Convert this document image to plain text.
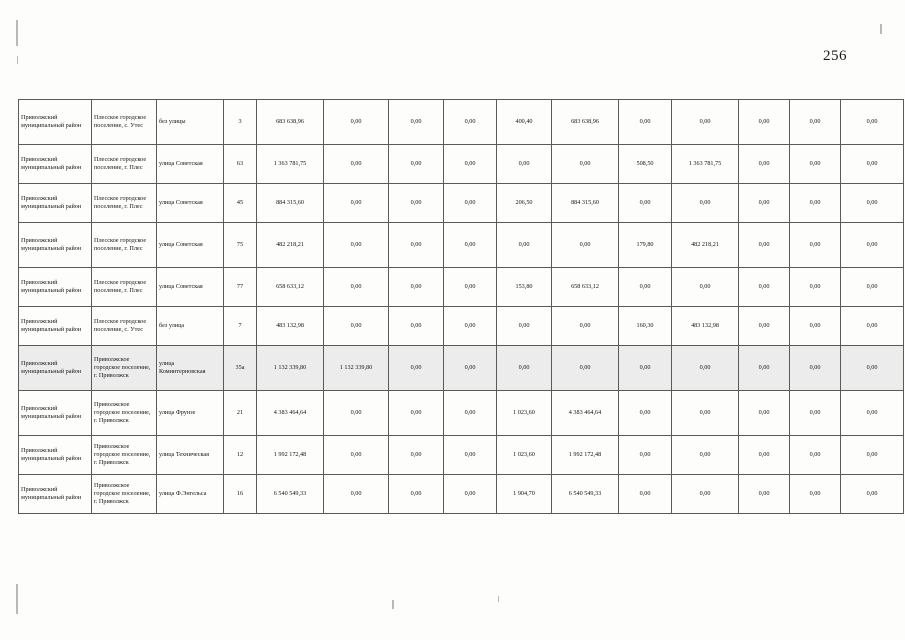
256
Приволжский муниципальный район	Плесское городское поселение, с. Утес	без улицы	3	683 638,96	0,00	0,00	0,00	400,40	683 638,96	0,00	0,00	0,00	0,00	0,00
Приволжский муниципальный район	Плесское городское поселение, г. Плес	улица Советская	63	1 363 781,75	0,00	0,00	0,00	0,00	0,00	508,50	1 363 781,75	0,00	0,00	0,00
Приволжский муниципальный район	Плесское городское поселение, г. Плес	улица Советская	45	884 315,60	0,00	0,00	0,00	206,50	884 315,60	0,00	0,00	0,00	0,00	0,00
Приволжский муниципальный район	Плесское городское поселение, г. Плес	улица Советская	75	482 218,21	0,00	0,00	0,00	0,00	0,00	179,80	482 218,21	0,00	0,00	0,00
Приволжский муниципальный район	Плесское городское поселение, г. Плес	улица Советская	77	658 633,12	0,00	0,00	0,00	153,80	658 633,12	0,00	0,00	0,00	0,00	0,00
Приволжский муниципальный район	Плесское городское поселение, с. Утес	без улица	7	483 132,98	0,00	0,00	0,00	0,00	0,00	160,30	483 132,98	0,00	0,00	0,00
Приволжский муниципальный район	Приволжское городское поселение, г. Приволжск	улица Коминтерновская	35а	1 132 339,80	1 132 339,80	0,00	0,00	0,00	0,00	0,00	0,00	0,00	0,00	0,00
Приволжский муниципальный район	Приволжское городское поселение, г. Приволжск	улица Фрунзе	21	4 383 464,64	0,00	0,00	0,00	1 023,60	4 383 464,64	0,00	0,00	0,00	0,00	0,00
Приволжский муниципальный район	Приволжское городское поселение, г. Приволжск	улица Техническая	12	1 992 172,48	0,00	0,00	0,00	1 023,60	1 992 172,48	0,00	0,00	0,00	0,00	0,00
Приволжский муниципальный район	Приволжское городское поселение, г. Приволжск	улица Ф.Энгельса	16	6 540 549,33	0,00	0,00	0,00	1 904,70	6 540 549,33	0,00	0,00	0,00	0,00	0,00
